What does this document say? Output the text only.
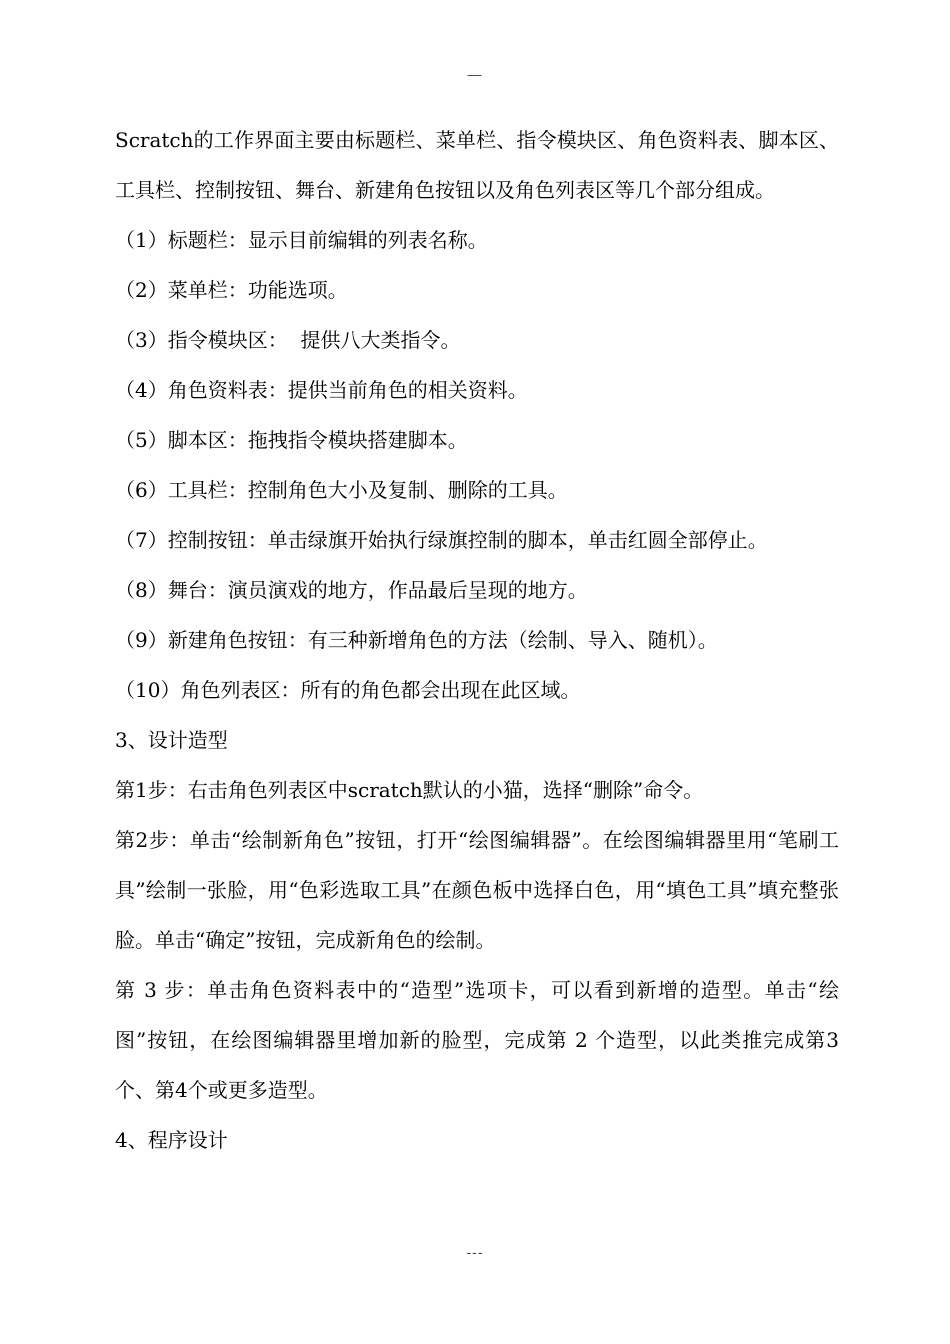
—

Scratch的工作界面主要由标题栏、菜单栏、指令模块区、角色资料表、脚本区、工具栏、控制按钮、舞台、新建角色按钮以及角色列表区等几个部分组成。

（1）标题栏：显示目前编辑的列表名称。

（2）菜单栏：功能选项。

（3）指令模块区：  提供八大类指令。

（4）角色资料表：提供当前角色的相关资料。

（5）脚本区：拖拽指令模块搭建脚本。

（6）工具栏：控制角色大小及复制、删除的工具。

（7）控制按钮：单击绿旗开始执行绿旗控制的脚本，单击红圆全部停止。

（8）舞台：演员演戏的地方，作品最后呈现的地方。

（9）新建角色按钮：有三种新增角色的方法（绘制、导入、随机）。

（10）角色列表区：所有的角色都会出现在此区域。

3、设计造型

第1步：右击角色列表区中scratch默认的小猫，选择“删除”命令。

第2步：单击“绘制新角色”按钮，打开“绘图编辑器”。在绘图编辑器里用“笔刷工具”绘制一张脸，用“色彩选取工具”在颜色板中选择白色，用“填色工具”填充整张脸。单击“确定”按钮，完成新角色的绘制。

第 3 步：单击角色资料表中的“造型”选项卡，可以看到新增的造型。单击“绘图”按钮，在绘图编辑器里增加新的脸型，完成第 2 个造型，以此类推完成第3个、第4个或更多造型。

4、程序设计

---
